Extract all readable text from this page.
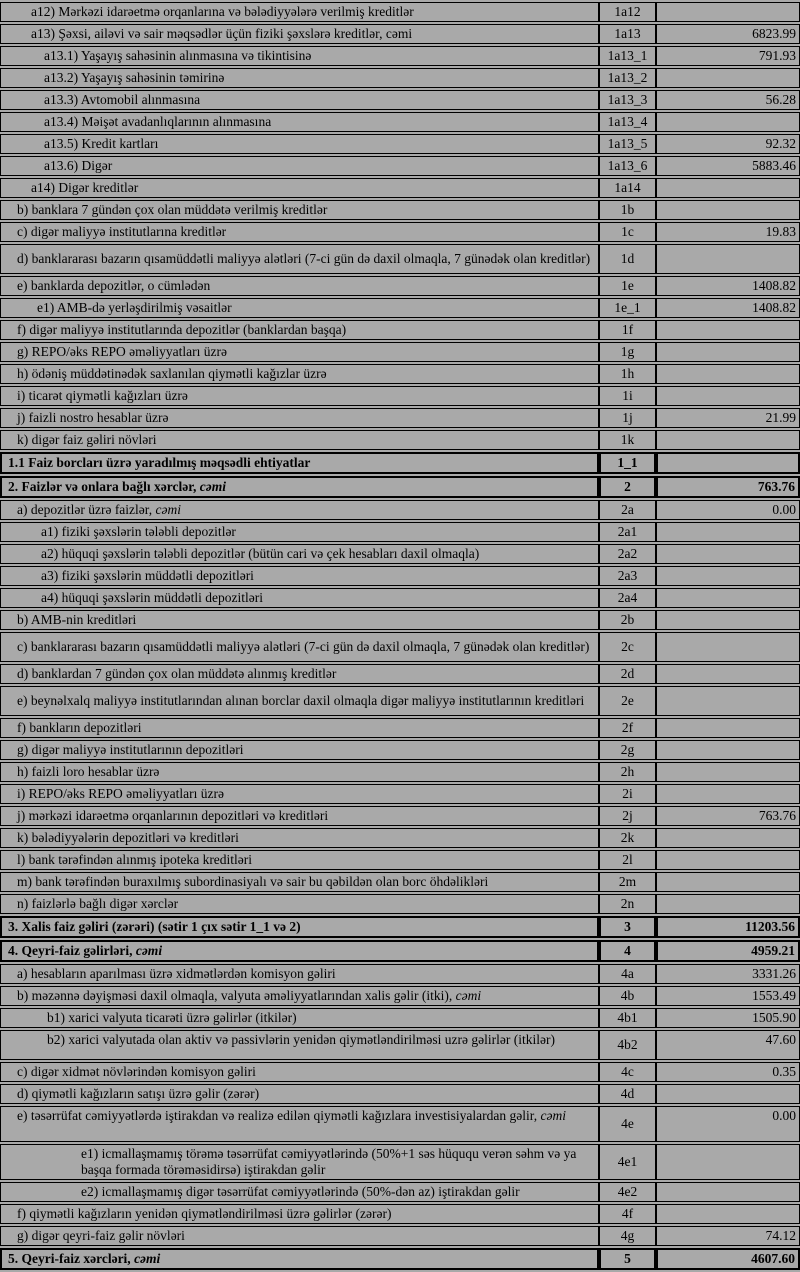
a12) Mərkəzi idarəetmə orqanlarına və bələdiyyələrə verilmiş kreditlər	1a12	
a13) Şəxsi, ailəvi və sair məqsədlər üçün fiziki şəxslərə kreditlər, cəmi	1a13	6823.99
a13.1) Yaşayış sahəsinin alınmasına və tikintisinə	1a13_1	791.93
a13.2) Yaşayış sahəsinin təmirinə	1a13_2	
a13.3) Avtomobil alınmasına	1a13_3	56.28
a13.4) Məişət avadanlıqlarının alınmasına	1a13_4	
a13.5) Kredit kartları	1a13_5	92.32
a13.6) Digər	1a13_6	5883.46
a14) Digər kreditlər	1a14	
b) banklara 7 gündən çox olan müddətə verilmiş kreditlər	1b	
c) digər maliyyə institutlarına kreditlər	1c	19.83
d) banklararası bazarın qısamüddətli maliyyə alətləri (7-ci gün də daxil olmaqla, 7 günədək olan kreditlər)	1d	
e) banklarda depozitlər, o cümlədən	1e	1408.82
e1) AMB-də yerləşdirilmiş vəsaitlər	1e_1	1408.82
f) digər maliyyə institutlarında depozitlər (banklardan başqa)	1f	
g) REPO/əks REPO əməliyyatları üzrə	1g	
h) ödəniş müddətinədək saxlanılan qiymətli kağızlar üzrə	1h	
i) ticarət qiymətli kağızları üzrə	1i	
j) faizli nostro hesablar üzrə	1j	21.99
k) digər faiz gəliri növləri	1k	
1.1 Faiz borcları üzrə yaradılmış məqsədli ehtiyatlar	1_1	
2. Faizlər və onlara bağlı xərclər, cəmi	2	763.76
a) depozitlər üzrə faizlər, cəmi	2a	0.00
a1) fiziki şəxslərin tələbli depozitlər	2a1	
a2) hüquqi şəxslərin tələbli depozitlər (bütün cari və çek hesabları daxil olmaqla)	2a2	
a3) fiziki şəxslərin müddətli depozitləri	2a3	
a4) hüquqi şəxslərin müddətli depozitləri	2a4	
b) AMB-nin kreditləri	2b	
c) banklararası bazarın qısamüddətli maliyyə alətləri (7-ci gün də daxil olmaqla, 7 günədək olan kreditlər)	2c	
d) banklardan 7 gündən çox olan müddətə alınmış kreditlər	2d	
e) beynəlxalq maliyyə institutlarından alınan borclar daxil olmaqla digər maliyyə institutlarının kreditləri	2e	
f) bankların depozitləri	2f	
g) digər maliyyə institutlarının depozitləri	2g	
h) faizli loro hesablar üzrə	2h	
i) REPO/əks REPO əməliyyatları üzrə	2i	
j) mərkəzi idarəetmə orqanlarının depozitləri və kreditləri	2j	763.76
k) bələdiyyələrin depozitləri və kreditləri	2k	
l) bank tərəfindən alınmış ipoteka kreditləri	2l	
m) bank tərəfindən buraxılmış subordinasiyalı və sair bu qəbildən olan borc öhdəlikləri	2m	
n) faizlərlə bağlı digər xərclər	2n	
3. Xalis faiz gəliri (zərəri) (sətir 1 çıx sətir 1_1 və 2)	3	11203.56
4. Qeyri-faiz gəlirləri, cəmi	4	4959.21
a) hesabların aparılması üzrə xidmətlərdən komisyon gəliri	4a	3331.26
b) məzənnə dəyişməsi daxil olmaqla, valyuta əməliyyatlarından xalis gəlir (itki), cəmi	4b	1553.49
b1) xarici valyuta ticarəti üzrə gəlirlər (itkilər)	4b1	1505.90
b2) xarici valyutada olan aktiv və passivlərin yenidən qiymətləndirilməsi uzrə gəlirlər (itkilər)	4b2	47.60
c) digər xidmət növlərindən komisyon gəliri	4c	0.35
d) qiymətli kağızların satışı üzrə gəlir (zərər)	4d	
e) təsərrüfat cəmiyyətlərdə iştirakdan və realizə edilən qiymətli kağızlara investisiyalardan gəlir, cəmi	4e	0.00
e1) icmallaşmamış törəmə təsərrüfat cəmiyyətlərində (50%+1 səs hüququ verən səhm və ya başqa formada törəməsidirsə) iştirakdan gəlir	4e1	
e2) icmallaşmamış digər təsərrüfat cəmiyyətlərində (50%-dən az) iştirakdan gəlir	4e2	
f) qiymətli kağızların yenidən qiymətləndirilməsi üzrə gəlirlər (zərər)	4f	
g) digər qeyri-faiz gəlir növləri	4g	74.12
5. Qeyri-faiz xərcləri, cəmi	5	4607.60
